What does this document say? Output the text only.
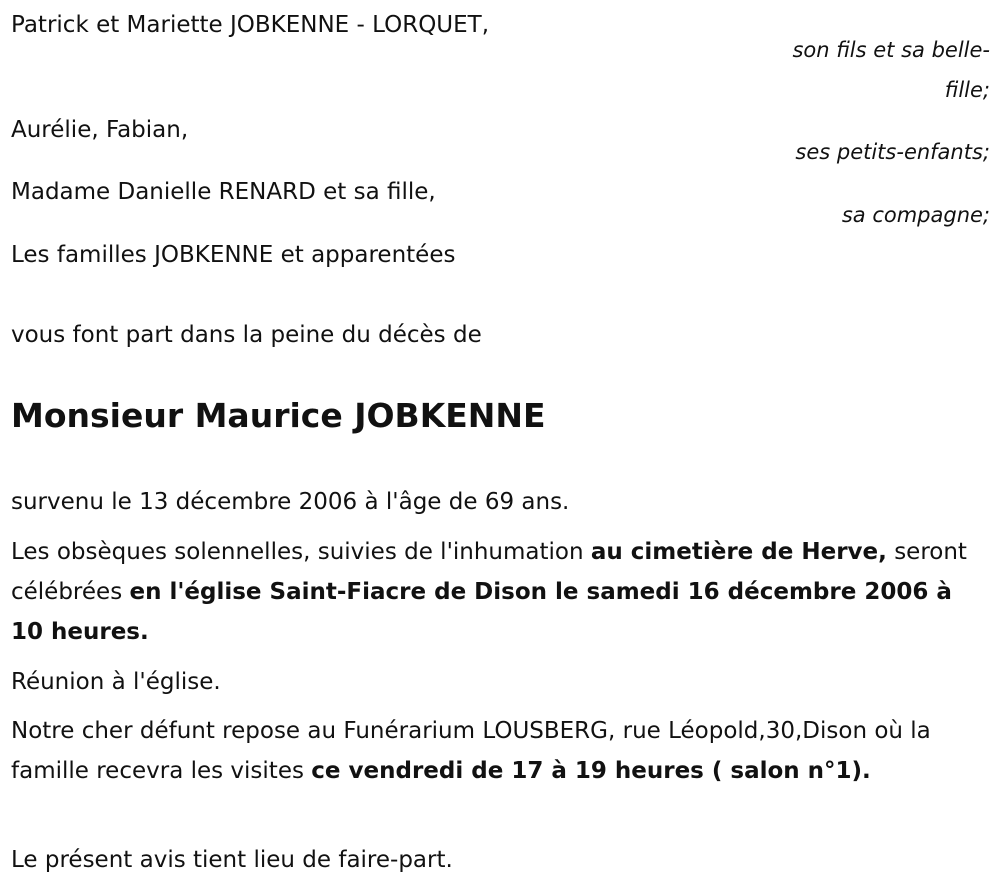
Patrick et Mariette JOBKENNE - LORQUET,
son fils et sa belle-
fille;
Aurélie, Fabian,
ses petits-enfants;
Madame Danielle RENARD et sa fille,
sa compagne;
Les familles JOBKENNE et apparentées
vous font part dans la peine du décès de
Monsieur Maurice JOBKENNE
survenu le 13 décembre 2006 à l'âge de 69 ans.
Les obsèques solennelles, suivies de l'inhumation au cimetière de Herve, seront célébrées en l'église Saint-Fiacre de Dison le samedi 16 décembre 2006 à 10 heures.
Réunion à l'église.
Notre cher défunt repose au Funérarium LOUSBERG, rue Léopold,30,Dison où la famille recevra les visites ce vendredi de 17 à 19 heures ( salon n°1).
Le présent avis tient lieu de faire-part.
